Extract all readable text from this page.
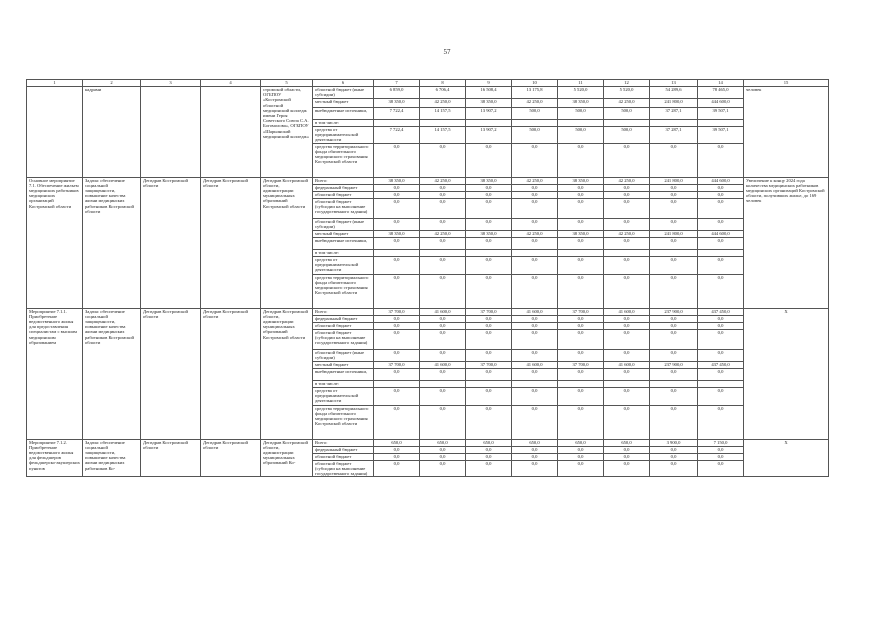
57
1	2	3	4	5	6	7	8	9	10	11	12	13	14	15
	кадрами			стромской области, ОГБПОУ «Костромской областной медицинский колледж имени Героя Советского Союза С.А. Богомолова», ОГБПОУ «Шарьинский медицинский колледж»	областной бюджет (иные субсидии)	6 859,0	6 706,4	16 508,4	13 175,8	5 520,0	5 520,0	54 289,6	78 465,0	человек
					местный бюджет	38 350,0	42 250,0	38 350,0	42 250,0	38 350,0	42 250,0	241 800,0	444 600,0	
					внебюджетные источники,	7 722,4	14 157,5	13 907,2	500,0	500,0	500,0	37 287,1	39 507,1	
					в том числе:									
					средства от предпринимательской деятельности	7 722,4	14 157,5	13 907,2	500,0	500,0	500,0	37 287,1	39 507,1	
					средства территориального фонда обязательного медицинского страхования Костромской области	0,0	0,0	0,0	0,0	0,0	0,0	0,0	0,0	
Основное мероприятие 7.1. Обеспечение жильем медицинских работников медицинских организаций Костромской области	Задача: обеспечение социальной защищенности, повышение качества жизни медицинских работников Костромской области	Депздрав Костромской области	Депздрав Костромской области	Депздрав Костромской области, администрации муниципальных образований Костромской области	Всего:	38 350,0	42 250,0	38 350,0	42 250,0	38 350,0	42 250,0	241 800,0	444 600,0	Увеличение к концу 2024 года количества медицинских работников медицинских организаций Костромской области, получивших жилье, до 169 человек
					федеральный бюджет	0,0	0,0	0,0	0,0	0,0	0,0	0,0	0,0	
					областной бюджет	0,0	0,0	0,0	0,0	0,0	0,0	0,0	0,0	
					областной бюджет (субсидии на выполнение государственного задания)	0,0	0,0	0,0	0,0	0,0	0,0	0,0	0,0	
					областной бюджет (иные субсидии)	0,0	0,0	0,0	0,0	0,0	0,0	0,0	0,0	
					местный бюджет	38 350,0	42 250,0	38 350,0	42 250,0	38 350,0	42 250,0	241 800,0	444 600,0	
					внебюджетные источники,	0,0	0,0	0,0	0,0	0,0	0,0	0,0	0,0	
					в том числе:									
					средства от предпринимательской деятельности	0,0	0,0	0,0	0,0	0,0	0,0	0,0	0,0	
					средства территориального фонда обязательного медицинского страхования Костромской области	0,0	0,0	0,0	0,0	0,0	0,0	0,0	0,0	
Мероприятие 7.1.1. Приобретение ведомственного жилья для предоставления специалистам с высшим медицинским образованием	Задача: обеспечение социальной защищенности, повышение качества жизни медицинских работников Костромской области	Депздрав Костромской области	Депздрав Костромской области	Депздрав Костромской области, администрации муниципальных образований Костромской области	Всего:	37 700,0	41 600,0	37 700,0	41 600,0	37 700,0	41 600,0	237 900,0	437 450,0	X
					федеральный бюджет	0,0	0,0	0,0	0,0	0,0	0,0	0,0	0,0	
					областной бюджет	0,0	0,0	0,0	0,0	0,0	0,0	0,0	0,0	
					областной бюджет (субсидии на выполнение государственного задания)	0,0	0,0	0,0	0,0	0,0	0,0	0,0	0,0	
					областной бюджет (иные субсидии)	0,0	0,0	0,0	0,0	0,0	0,0	0,0	0,0	
					местный бюджет	37 700,0	41 600,0	37 700,0	41 600,0	37 700,0	41 600,0	237 900,0	437 450,0	
					внебюджетные источники,	0,0	0,0	0,0	0,0	0,0	0,0	0,0	0,0	
					в том числе:									
					средства от предпринимательской деятельности	0,0	0,0	0,0	0,0	0,0	0,0	0,0	0,0	
					средства территориального фонда обязательного медицинского страхования Костромской области	0,0	0,0	0,0	0,0	0,0	0,0	0,0	0,0	
Мероприятие 7.1.2. Приобретение ведомственного жилья для фельдшеров фельдшерско-акушерских пунктов	Задача: обеспечение социальной защищенности, повышение качества жизни медицинских работников Ко-	Депздрав Костромской области	Депздрав Костромской области	Депздрав Костромской области, администрации муниципальных образований Ко-	Всего:	650,0	650,0	650,0	650,0	650,0	650,0	3 900,0	7 150,0	X
					федеральный бюджет	0,0	0,0	0,0	0,0	0,0	0,0	0,0	0,0	
					областной бюджет	0,0	0,0	0,0	0,0	0,0	0,0	0,0	0,0	
					областной бюджет (субсидии на выполнение государственного задания)	0,0	0,0	0,0	0,0	0,0	0,0	0,0	0,0	
